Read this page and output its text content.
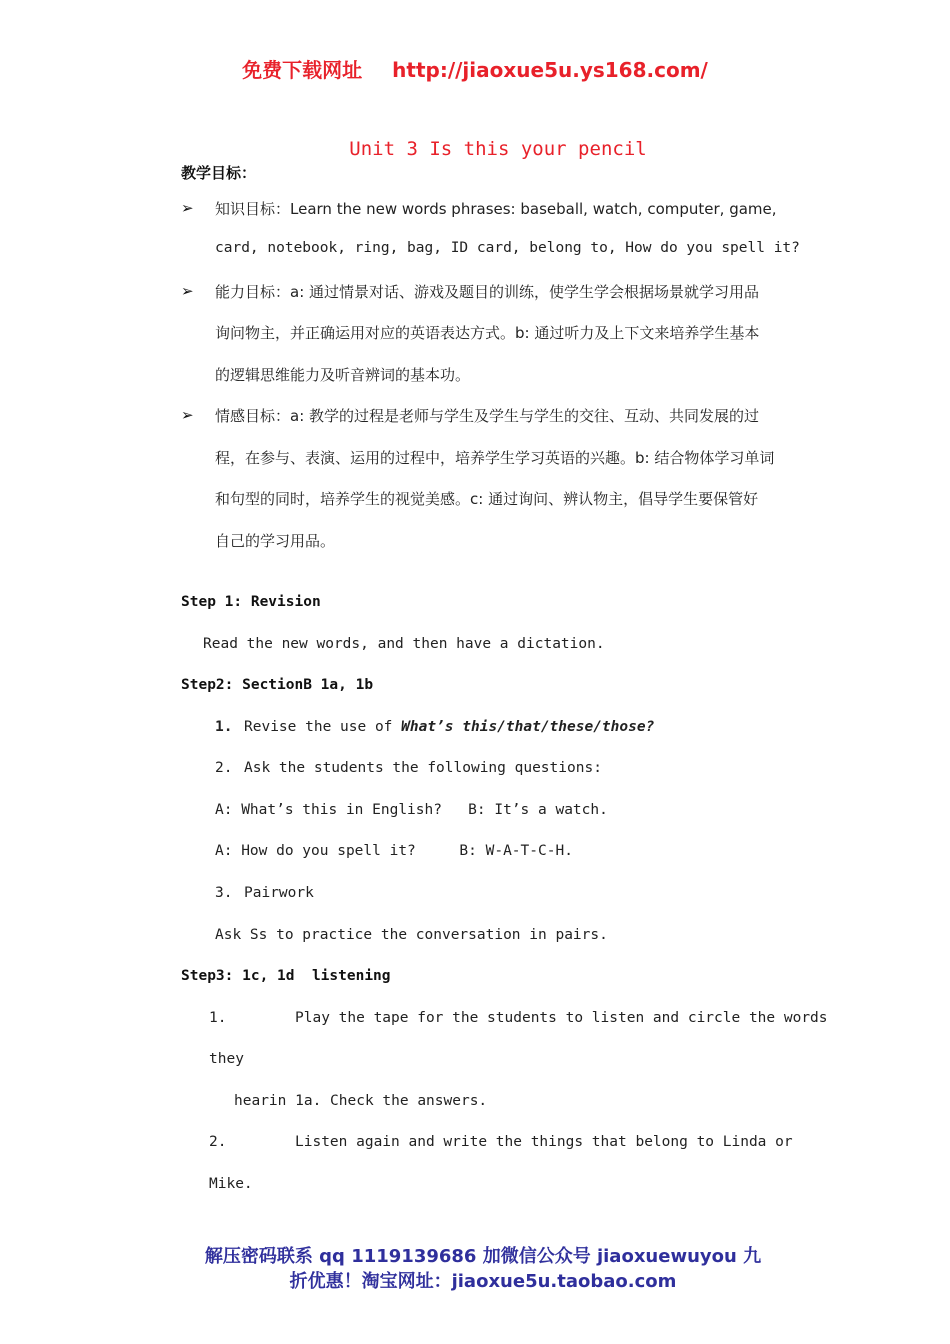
免费下载网址 http://jiaoxue5u.ys168.com/
Unit 3 Is this your pencil
教学目标：
➢ 知识目标：Learn the new words phrases: baseball, watch, computer, game,
card, notebook, ring, bag, ID card, belong to, How do you spell it?
➢ 能力目标：a: 通过情景对话、游戏及题目的训练，使学生学会根据场景就学习用品
询问物主，并正确运用对应的英语表达方式。b: 通过听力及上下文来培养学生基本
的逻辑思维能力及听音辨词的基本功。
➢ 情感目标：a: 教学的过程是老师与学生及学生与学生的交往、互动、共同发展的过
程，在参与、表演、运用的过程中，培养学生学习英语的兴趣。b: 结合物体学习单词
和句型的同时，培养学生的视觉美感。c: 通过询问、辨认物主，倡导学生要保管好
自己的学习用品。
Step 1: Revision
Read the new words, and then have a dictation.
Step2: SectionB 1a, 1b
1. Revise the use of What’s this/that/these/those?
2. Ask the students the following questions:
A: What’s this in English?   B: It’s a watch.
A: How do you spell it?     B: W-A-T-C-H.
3. Pairwork
Ask Ss to practice the conversation in pairs.
Step3: 1c, 1d  listening
1.	Play the tape for the students to listen and circle the words
they
hearin 1a. Check the answers.
2.	Listen again and write the things that belong to Linda or
Mike.
解压密码联系 qq 1119139686 加微信公众号 jiaoxuewuyou 九
折优惠！淘宝网址：jiaoxue5u.taobao.com
